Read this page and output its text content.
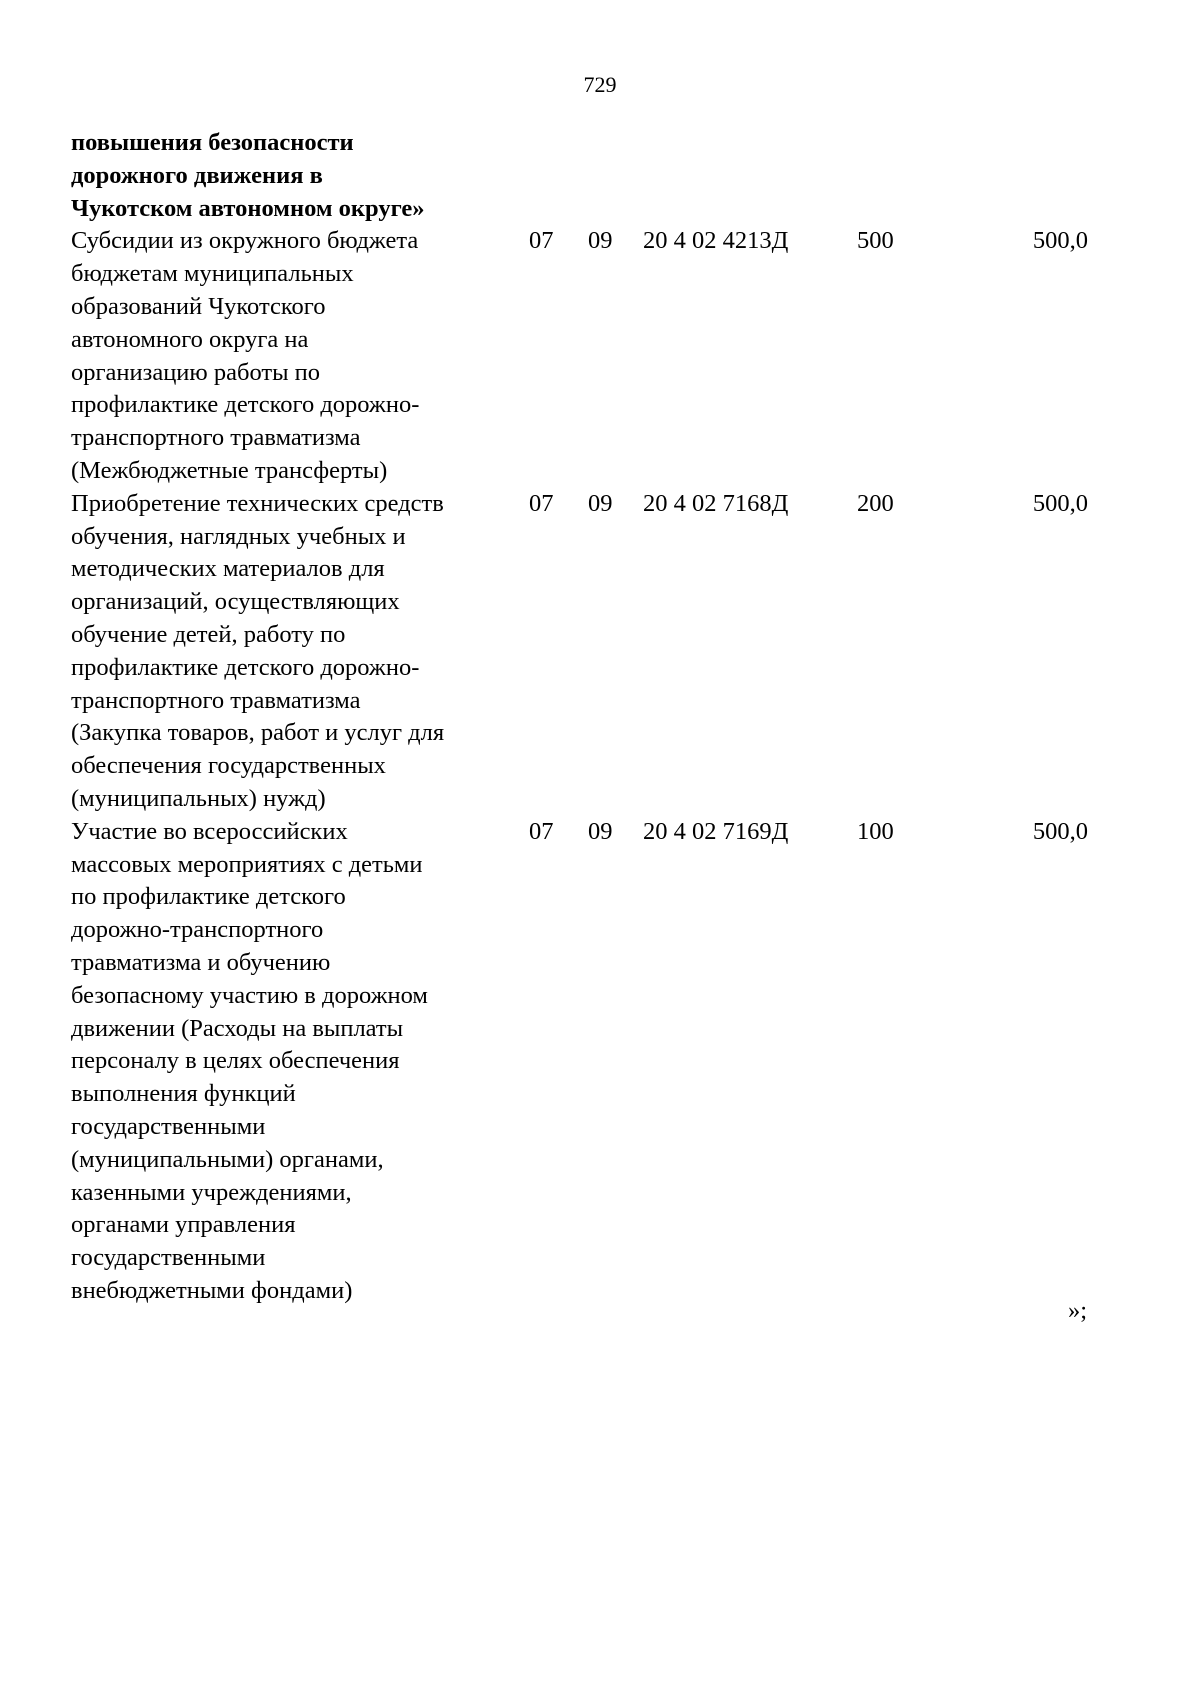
729
повышения безопасности
дорожного движения в
Чукотском автономном округе»
Субсидии из окружного бюджета
бюджетам муниципальных
образований Чукотского
автономного округа на
организацию работы по
профилактике детского дорожно-
транспортного травматизма
(Межбюджетные трансферты)
07 09 20 4 02 4213Д	500	500,0
Приобретение технических средств
обучения, наглядных учебных и
методических материалов для
организаций, осуществляющих
обучение детей, работу по
профилактике детского дорожно-
транспортного травматизма
(Закупка товаров, работ и услуг для
обеспечения государственных
(муниципальных) нужд)
07 09 20 4 02 7168Д	200	500,0
Участие во всероссийских
массовых мероприятиях с детьми
по профилактике детского
дорожно-транспортного
травматизма и обучению
безопасному участию в дорожном
движении (Расходы на выплаты
персоналу в целях обеспечения
выполнения функций
государственными
(муниципальными) органами,
казенными учреждениями,
органами управления
государственными
внебюджетными фондами)
07 09 20 4 02 7169Д	100	500,0
»;
